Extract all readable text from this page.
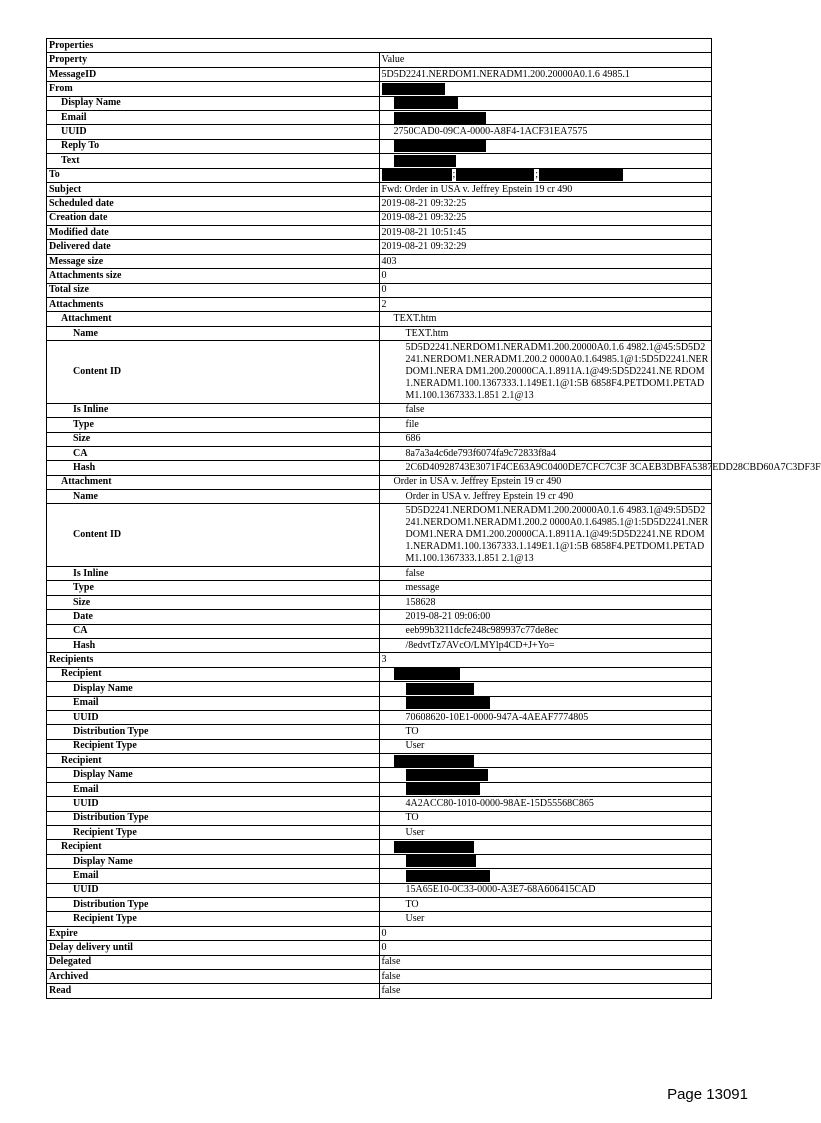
Properties	
Property	Value
MessageID	5D5D2241.NERDOM1.NERADM1.200.20000A0.1.6 4985.1
From	
Display Name	
Email	
UUID	2750CAD0-09CA-0000-A8F4-1ACF31EA7575
Reply To	
Text	
To	; ;
Subject	Fwd: Order in USA v. Jeffrey Epstein 19 cr 490
Scheduled date	2019-08-21 09:32:25
Creation date	2019-08-21 09:32:25
Modified date	2019-08-21 10:51:45
Delivered date	2019-08-21 09:32:29
Message size	403
Attachments size	0
Total size	0
Attachments	2
Attachment	TEXT.htm
Name	TEXT.htm
Content ID	5D5D2241.NERDOM1.NERADM1.200.20000A0.1.6 4982.1@45:5D5D2241.NERDOM1.NERADM1.200.2 0000A0.1.64985.1@1:5D5D2241.NERDOM1.NERA DM1.200.20000CA.1.8911A.1@49:5D5D2241.NE RDOM1.NERADM1.100.1367333.1.149E1.1@1:5B 6858F4.PETDOM1.PETADM1.100.1367333.1.851 2.1@13
Is Inline	false
Type	file
Size	686
CA	8a7a3a4c6de793f6074fa9c72833f8a4
Hash	2C6D40928743E3071F4CE63A9C0400DE7CFC7C3F 3CAEB3DBFA5387EDD28CBD60A7C3DF3F
Attachment	Order in USA v. Jeffrey Epstein 19 cr 490
Name	Order in USA v. Jeffrey Epstein 19 cr 490
Content ID	5D5D2241.NERDOM1.NERADM1.200.20000A0.1.6 4983.1@49:5D5D2241.NERDOM1.NERADM1.200.2 0000A0.1.64985.1@1:5D5D2241.NERDOM1.NERA DM1.200.20000CA.1.8911A.1@49:5D5D2241.NE RDOM1.NERADM1.100.1367333.1.149E1.1@1:5B 6858F4.PETDOM1.PETADM1.100.1367333.1.851 2.1@13
Is Inline	false
Type	message
Size	158628
Date	2019-08-21 09:06:00
CA	eeb99b3211dcfe248c989937c77de8ec
Hash	/8edvtTz7AVcO/LMYlp4CD+J+Yo=
Recipients	3
Recipient	
Display Name	
Email	
UUID	70608620-10E1-0000-947A-4AEAF7774805
Distribution Type	TO
Recipient Type	User
Recipient	
Display Name	
Email	
UUID	4A2ACC80-1010-0000-98AE-15D55568C865
Distribution Type	TO
Recipient Type	User
Recipient	
Display Name	
Email	
UUID	15A65E10-0C33-0000-A3E7-68A606415CAD
Distribution Type	TO
Recipient Type	User
Expire	0
Delay delivery until	0
Delegated	false
Archived	false
Read	false
Page 13091
